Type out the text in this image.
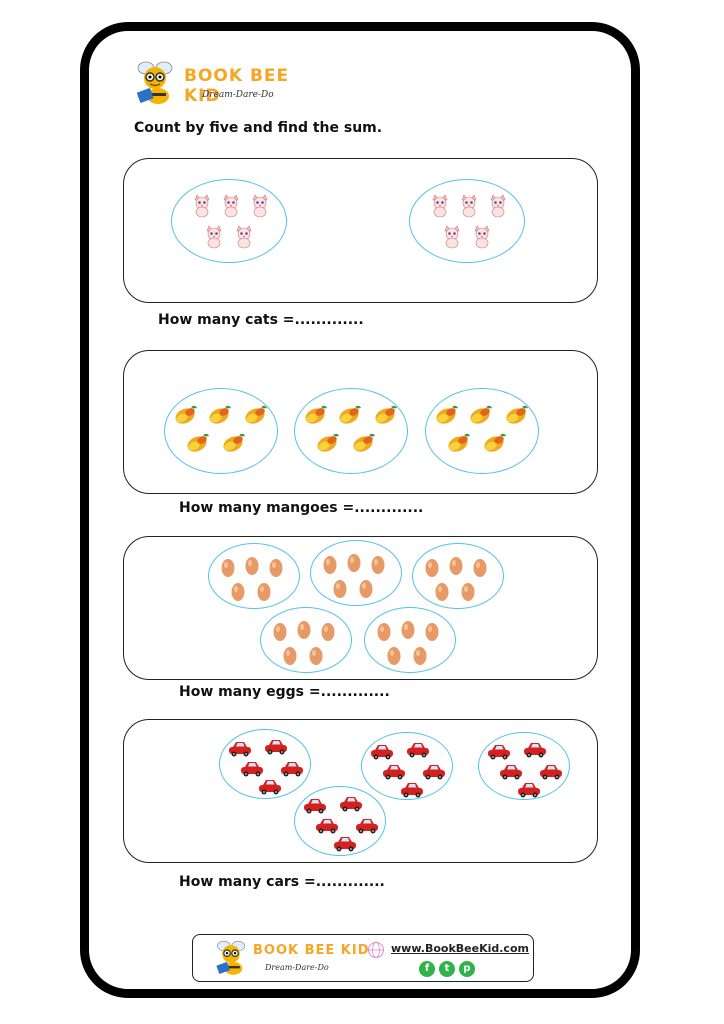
BOOK BEE KID
Dream-Dare-Do
Count by five and find the sum.
How many cats =.............
How many mangoes =.............
How many eggs =.............
How many cars =.............
BOOK BEE KID
Dream-Dare-Do
www.BookBeeKid.com
f	t	p
